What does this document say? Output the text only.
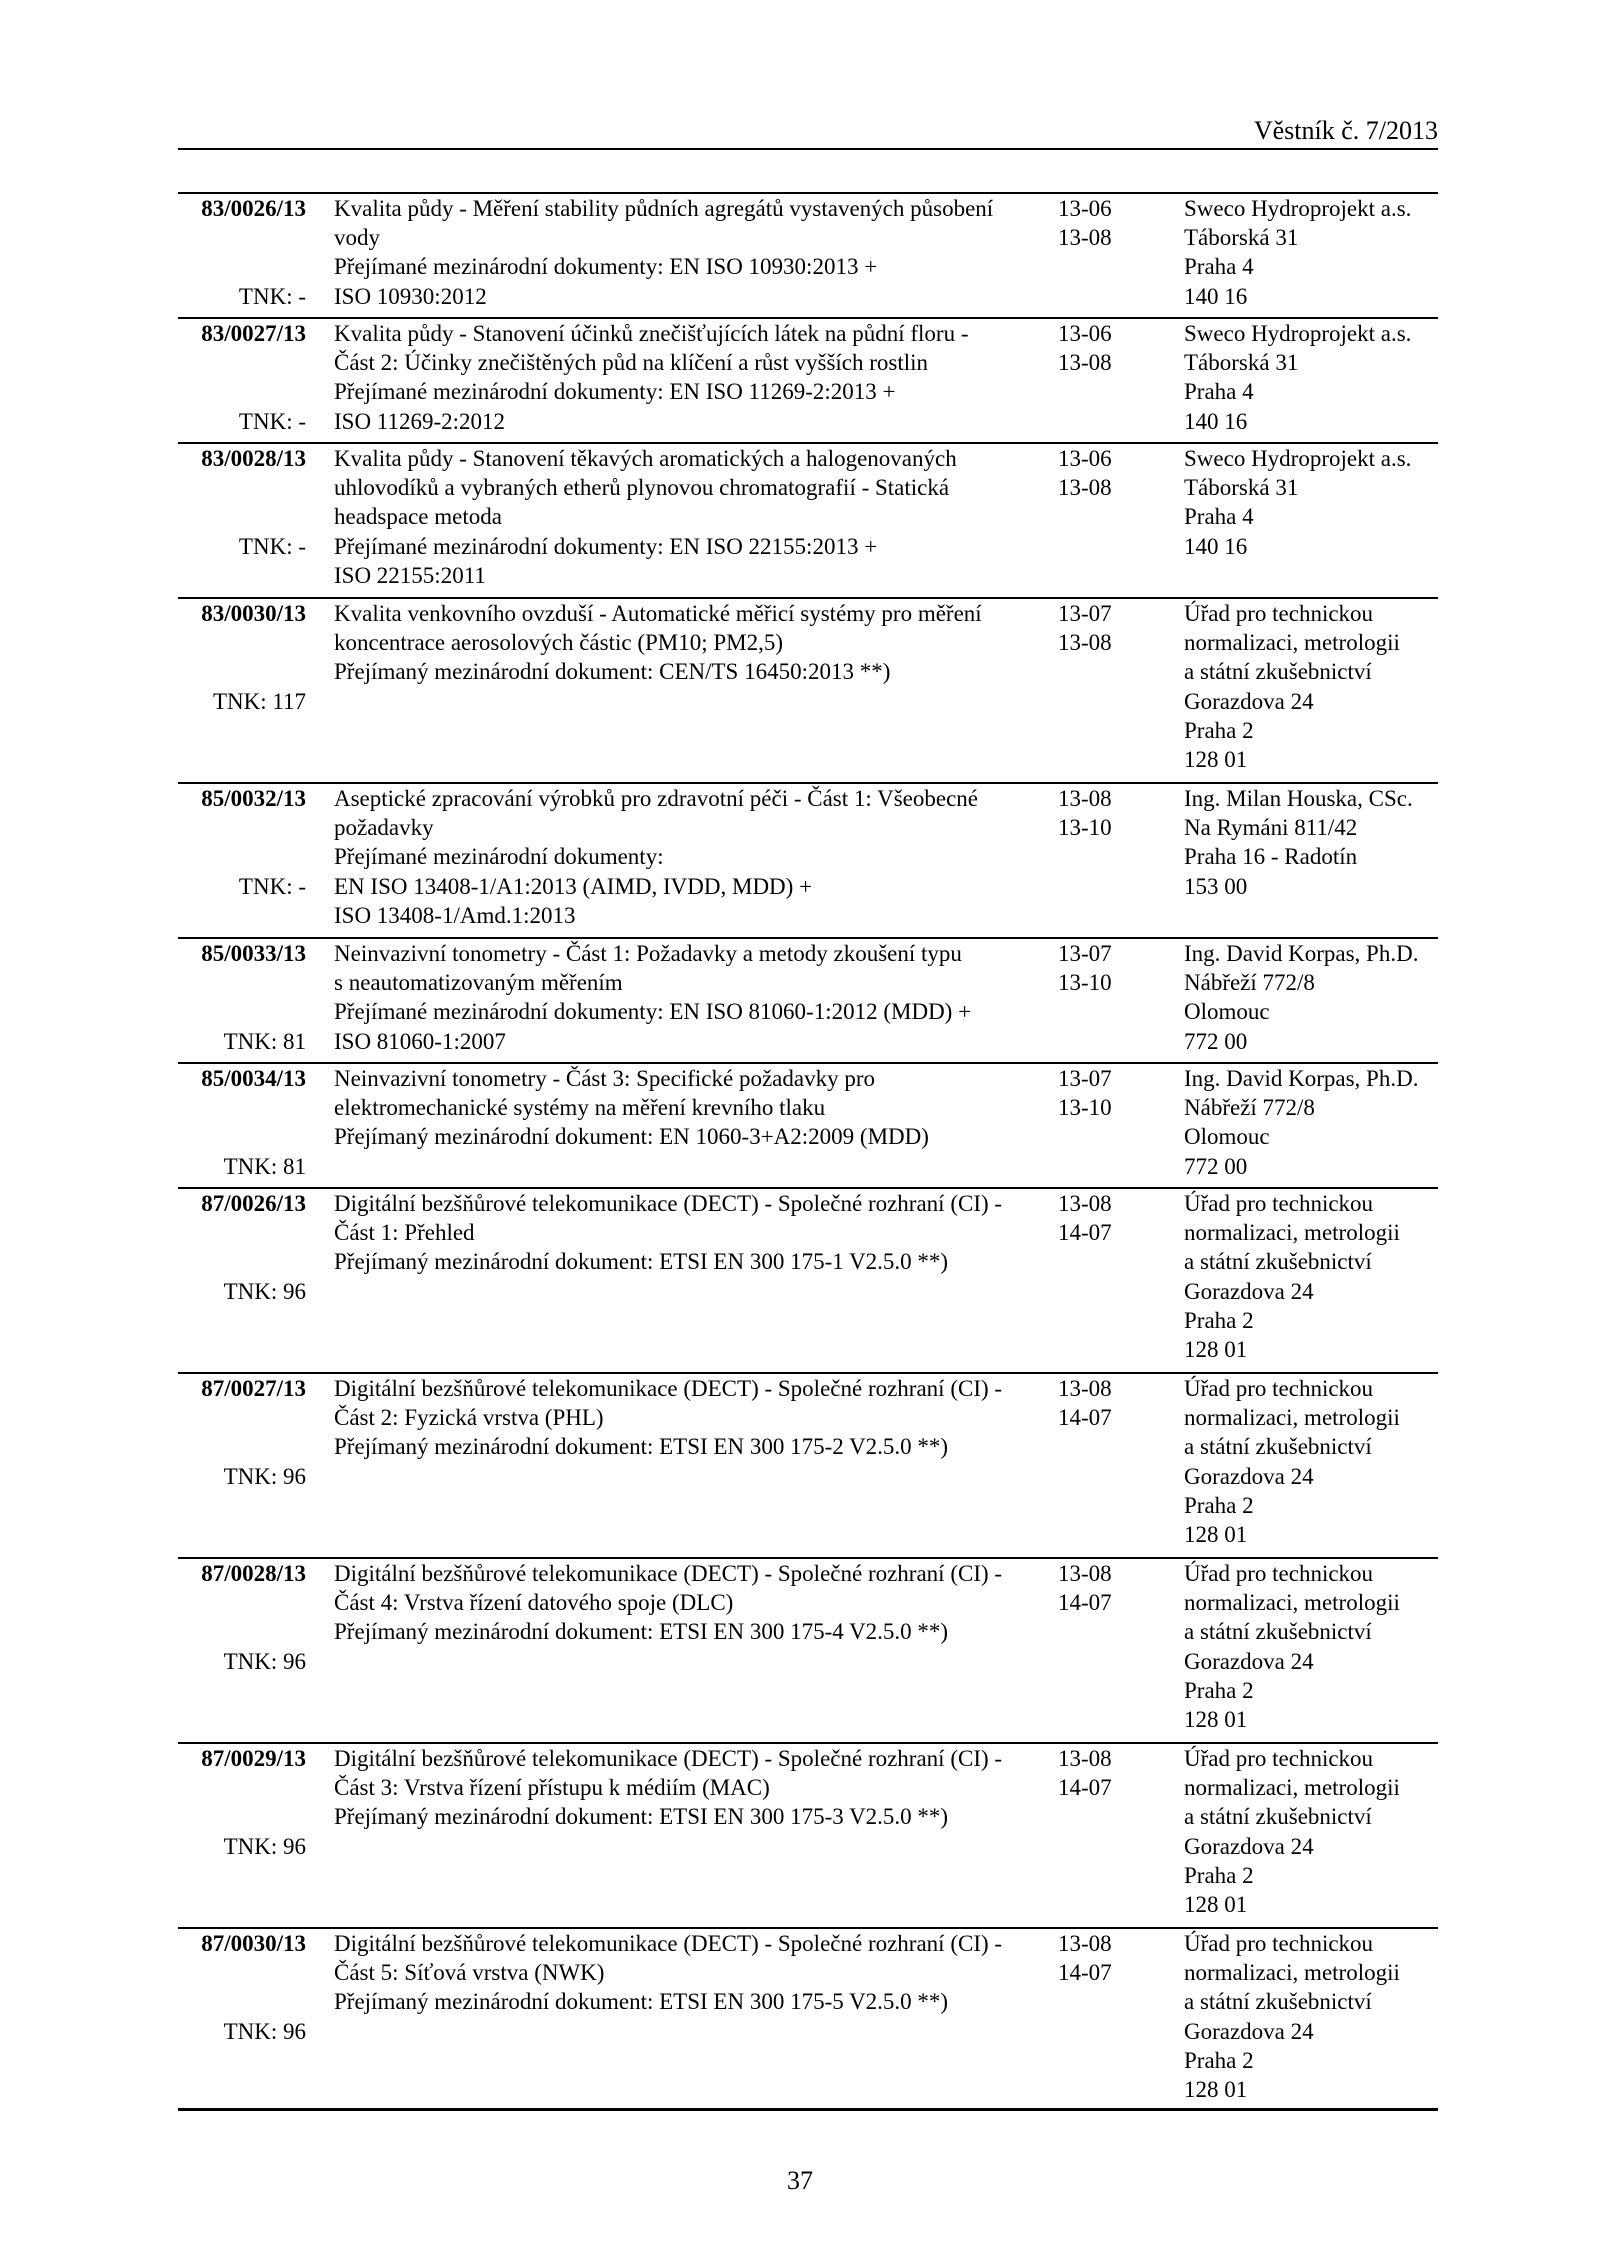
Věstník č. 7/2013
83/0026/13
TNK: -
Kvalita půdy - Měření stability půdních agregátů vystavených působení
vody
Přejímané mezinárodní dokumenty: EN ISO 10930:2013 +
ISO 10930:2012
13-06
13-08
Sweco Hydroprojekt a.s.
Táborská 31
Praha 4
140 16
83/0027/13
TNK: -
Kvalita půdy - Stanovení účinků znečišťujících látek na půdní floru -
Část 2: Účinky znečištěných půd na klíčení a růst vyšších rostlin
Přejímané mezinárodní dokumenty: EN ISO 11269-2:2013 +
ISO 11269-2:2012
13-06
13-08
Sweco Hydroprojekt a.s.
Táborská 31
Praha 4
140 16
83/0028/13
TNK: -
Kvalita půdy - Stanovení těkavých aromatických a halogenovaných
uhlovodíků a vybraných etherů plynovou chromatografií - Statická
headspace metoda
Přejímané mezinárodní dokumenty: EN ISO 22155:2013 +
ISO 22155:2011
13-06
13-08
Sweco Hydroprojekt a.s.
Táborská 31
Praha 4
140 16
83/0030/13
TNK: 117
Kvalita venkovního ovzduší - Automatické měřicí systémy pro měření
koncentrace aerosolových částic (PM10; PM2,5)
Přejímaný mezinárodní dokument: CEN/TS 16450:2013 **)
13-07
13-08
Úřad pro technickou
normalizaci, metrologii
a státní zkušebnictví
Gorazdova 24
Praha 2
128 01
85/0032/13
TNK: -
Aseptické zpracování výrobků pro zdravotní péči - Část 1: Všeobecné
požadavky
Přejímané mezinárodní dokumenty:
EN ISO 13408-1/A1:2013 (AIMD, IVDD, MDD) +
ISO 13408-1/Amd.1:2013
13-08
13-10
Ing. Milan Houska, CSc.
Na Rymáni 811/42
Praha 16 - Radotín
153 00
85/0033/13
TNK: 81
Neinvazivní tonometry - Část 1: Požadavky a metody zkoušení typu
s neautomatizovaným měřením
Přejímané mezinárodní dokumenty: EN ISO 81060-1:2012 (MDD) +
ISO 81060-1:2007
13-07
13-10
Ing. David Korpas, Ph.D.
Nábřeží 772/8
Olomouc
772 00
85/0034/13
TNK: 81
Neinvazivní tonometry - Část 3: Specifické požadavky pro
elektromechanické systémy na měření krevního tlaku
Přejímaný mezinárodní dokument: EN 1060-3+A2:2009 (MDD)
13-07
13-10
Ing. David Korpas, Ph.D.
Nábřeží 772/8
Olomouc
772 00
87/0026/13
TNK: 96
Digitální bezšňůrové telekomunikace (DECT) - Společné rozhraní (CI) -
Část 1: Přehled
Přejímaný mezinárodní dokument: ETSI EN 300 175-1 V2.5.0 **)
13-08
14-07
Úřad pro technickou
normalizaci, metrologii
a státní zkušebnictví
Gorazdova 24
Praha 2
128 01
87/0027/13
TNK: 96
Digitální bezšňůrové telekomunikace (DECT) - Společné rozhraní (CI) -
Část 2: Fyzická vrstva (PHL)
Přejímaný mezinárodní dokument: ETSI EN 300 175-2 V2.5.0 **)
13-08
14-07
Úřad pro technickou
normalizaci, metrologii
a státní zkušebnictví
Gorazdova 24
Praha 2
128 01
87/0028/13
TNK: 96
Digitální bezšňůrové telekomunikace (DECT) - Společné rozhraní (CI) -
Část 4: Vrstva řízení datového spoje (DLC)
Přejímaný mezinárodní dokument: ETSI EN 300 175-4 V2.5.0 **)
13-08
14-07
Úřad pro technickou
normalizaci, metrologii
a státní zkušebnictví
Gorazdova 24
Praha 2
128 01
87/0029/13
TNK: 96
Digitální bezšňůrové telekomunikace (DECT) - Společné rozhraní (CI) -
Část 3: Vrstva řízení přístupu k médiím (MAC)
Přejímaný mezinárodní dokument: ETSI EN 300 175-3 V2.5.0 **)
13-08
14-07
Úřad pro technickou
normalizaci, metrologii
a státní zkušebnictví
Gorazdova 24
Praha 2
128 01
87/0030/13
TNK: 96
Digitální bezšňůrové telekomunikace (DECT) - Společné rozhraní (CI) -
Část 5: Síťová vrstva (NWK)
Přejímaný mezinárodní dokument: ETSI EN 300 175-5 V2.5.0 **)
13-08
14-07
Úřad pro technickou
normalizaci, metrologii
a státní zkušebnictví
Gorazdova 24
Praha 2
128 01
37
